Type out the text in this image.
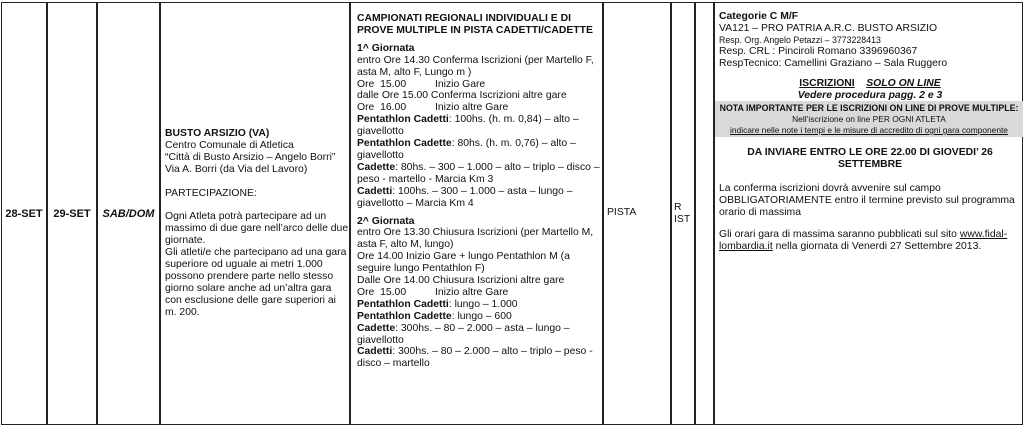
28-SET 29-SET SAB/DOM

BUSTO ARSIZIO (VA)

Centro Comunale di Atletica

“Città di Busto Arsizio – Angelo Borri”

Via A. Borri (da Via del Lavoro)

PARTECIPAZIONE:

Ogni Atleta potrà partecipare ad un massimo di due gare nell’arco delle due giornate.

Gli atleti/e che partecipano ad una gara superiore od uguale ai metri 1.000 possono prendere parte nello stesso giorno solare anche ad un’altra gara con esclusione delle gare superiori ai m. 200.

CAMPIONATI REGIONALI INDIVIDUALI E DI PROVE MULTIPLE IN PISTA CADETTI/CADETTE

1^ Giornata

entro Ore 14.30 Conferma Iscrizioni (per Martello F, asta M, alto F, Lungo m )

Ore  15.00          Inizio Gare

dalle Ore 15.00 Conferma Iscrizioni altre gare

Ore  16.00          Inizio altre Gare

Pentathlon Cadetti: 100hs. (h. m. 0,84) – alto – giavellotto

Pentathlon Cadette: 80hs. (h. m. 0,76) – alto – giavellotto

Cadette: 80hs. – 300 – 1.000 – alto – triplo – disco – peso - martello - Marcia Km 3

Cadetti: 100hs. – 300 – 1.000 – asta – lungo – giavellotto – Marcia Km 4

2^ Giornata

entro Ore 13.30 Chiusura Iscrizioni (per Martello M, asta F, alto M, lungo)

Ore 14.00 Inizio Gare + lungo Pentathlon M (a seguire lungo Pentathlon F)

Dalle Ore 14.00 Chiusura Iscrizioni altre gare

Ore  15.00          Inizio altre Gare

Pentathlon Cadetti: lungo – 1.000

Pentathlon Cadette: lungo – 600

Cadette: 300hs. – 80 – 2.000 – asta – lungo – giavellotto

Cadetti: 300hs. – 80 – 2.000 – alto – triplo – peso - disco – martello

PISTA	R
IST

Categorie C M/F

VA121 – PRO PATRIA A.R.C. BUSTO ARSIZIO

Resp. Org. Angelo Petazzi – 3773228413

Resp. CRL : Pinciroli Romano 3396960367

RespTecnico: Camellini Graziano – Sala Ruggero

ISCRIZIONI SOLO ON LINE

Vedere procedura pagg. 2 e 3

NOTA IMPORTANTE PER LE ISCRIZIONI ON LINE DI PROVE MULTIPLE:

Nell’iscrizione on line PER OGNI ATLETA

indicare nelle note i tempi e le misure di accredito di ogni gara componente

DA INVIARE ENTRO LE ORE 22.00 DI GIOVEDI’ 26 SETTEMBRE

La conferma iscrizioni dovrà avvenire sul campo OBBLIGATORIAMENTE entro il termine previsto sul programma orario di massima

Gli orari gara di massima saranno pubblicati sul sito www.fidal-lombardia.it nella giornata di Venerdi 27 Settembre 2013.
